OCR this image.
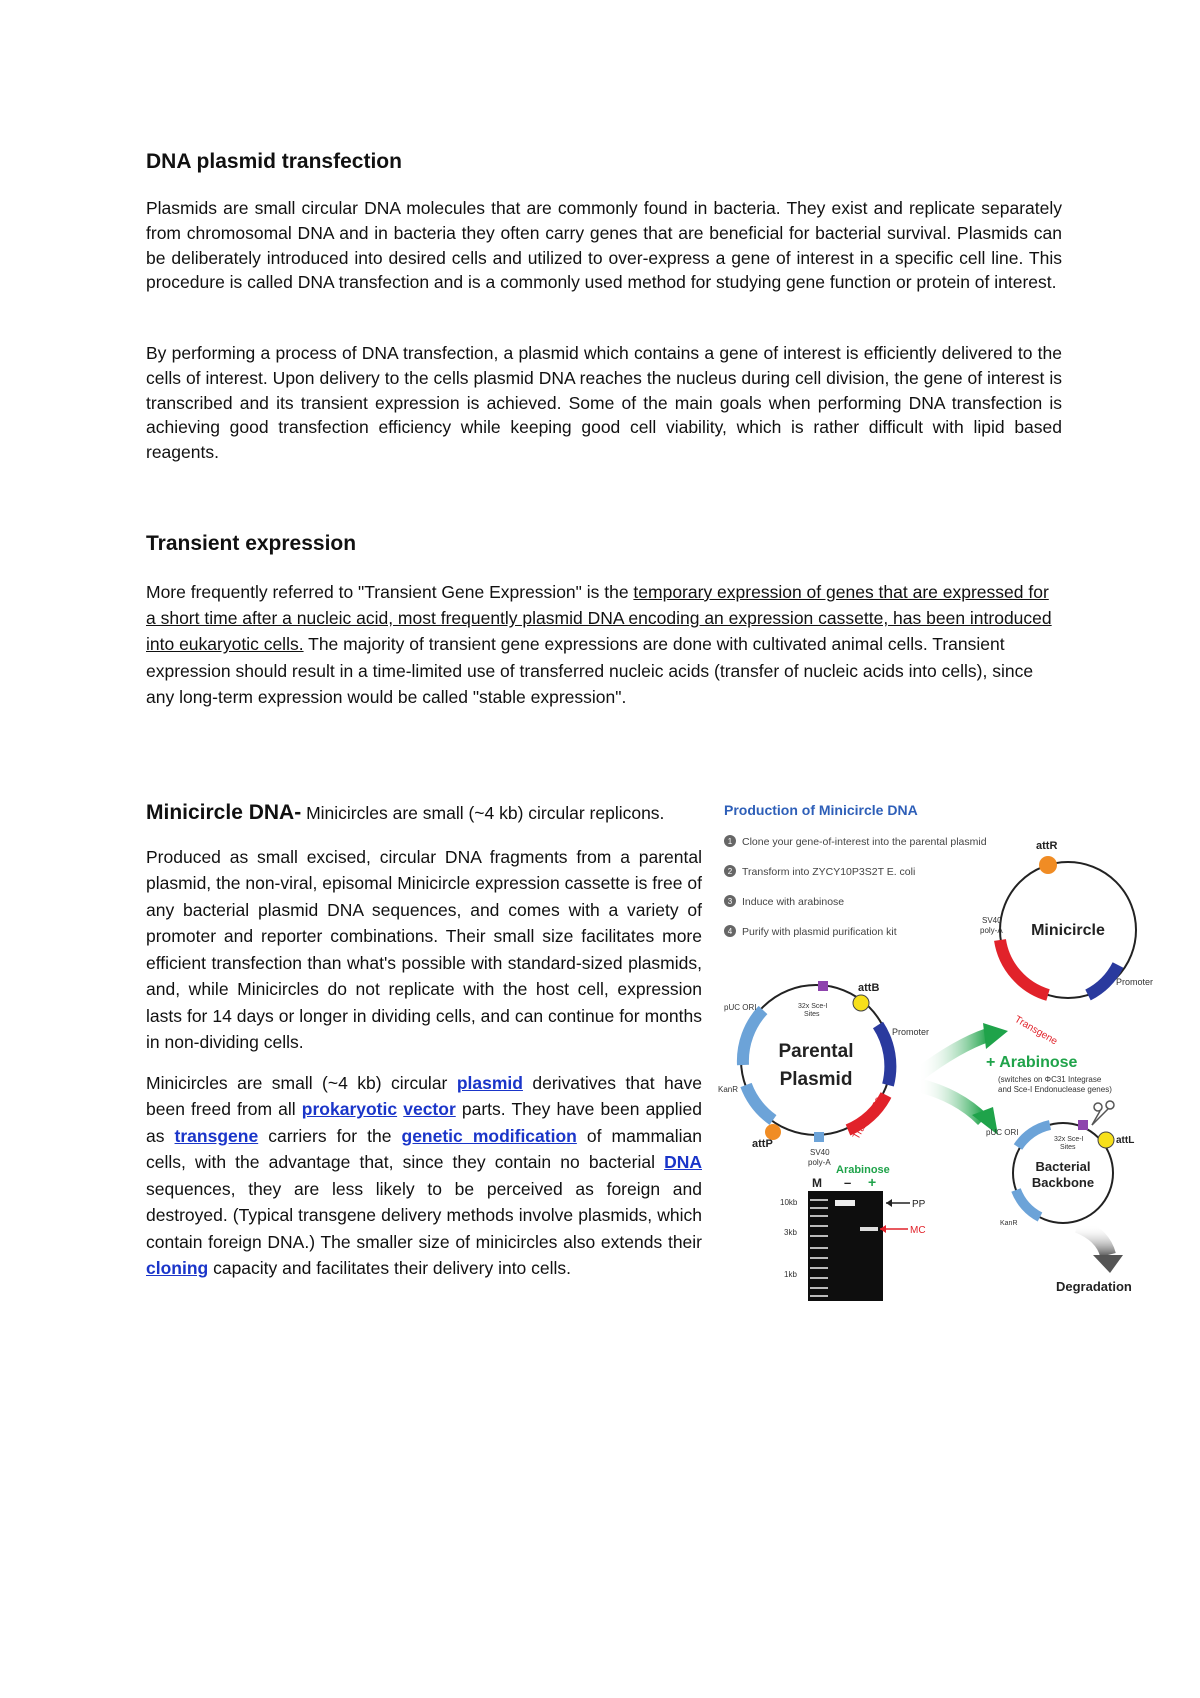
DNA plasmid transfection

Plasmids are small circular DNA molecules that are commonly found in bacteria. They exist and replicate separately from chromosomal DNA and in bacteria they often carry genes that are beneficial for bacterial survival. Plasmids can be deliberately introduced into desired cells and utilized to over-express a gene of interest in a specific cell line. This procedure is called DNA transfection and is a commonly used method for studying gene function or protein of interest.

By performing a process of DNA transfection, a plasmid which contains a gene of interest is efficiently delivered to the cells of interest. Upon delivery to the cells plasmid DNA reaches the nucleus during cell division, the gene of interest is transcribed and its transient expression is achieved. Some of the main goals when performing DNA transfection is achieving good transfection efficiency while keeping good cell viability, which is rather difficult with lipid based reagents.

Transient expression

More frequently referred to "Transient Gene Expression" is the temporary expression of genes that are expressed for a short time after a nucleic acid, most frequently plasmid DNA encoding an expression cassette, has been introduced into eukaryotic cells. The majority of transient gene expressions are done with cultivated animal cells. Transient expression should result in a time-limited use of transferred nucleic acids (transfer of nucleic acids into cells), since any long-term expression would be called "stable expression".

Minicircle DNA- Minicircles are small (~4 kb) circular replicons.

Produced as small excised, circular DNA fragments from a parental plasmid, the non-viral, episomal Minicircle expression cassette is free of any bacterial plasmid DNA sequences, and comes with a variety of promoter and reporter combinations. Their small size facilitates more efficient transfection than what's possible with standard-sized plasmids, and, while Minicircles do not replicate with the host cell, expression lasts for 14 days or longer in dividing cells, and can continue for months in non-dividing cells.

Minicircles are small (~4 kb) circular plasmid derivatives that have been freed from all prokaryotic vector parts. They have been applied as transgene carriers for the genetic modification of mammalian cells, with the advantage that, since they contain no bacterial DNA sequences, they are less likely to be perceived as foreign and destroyed. (Typical transgene delivery methods involve plasmids, which contain foreign DNA.) The smaller size of minicircles also extends their cloning capacity and facilitates their delivery into cells.

Production of Minicircle DNA
1 Clone your gene-of-interest into the parental plasmid
2 Transform into ZYCY10P3S2T E. coli
3 Induce with arabinose
4 Purify with plasmid purification kit
attR
Minicircle
SV40
poly-A
Promoter
Transgene
attB
attP
Parental
Plasmid
pUC ORI
KanR
32x Sce-I
Sites
Promoter
Transgene
SV40
poly-A
+ Arabinose
(switches on ΦC31 Integrase
and Sce-I Endonuclease genes)
attL
Bacterial
Backbone
pUC ORI
KanR
32x Sce-I
Sites
Degradation
Arabinose
– +
M
10kb
3kb
1kb
PP
MC
